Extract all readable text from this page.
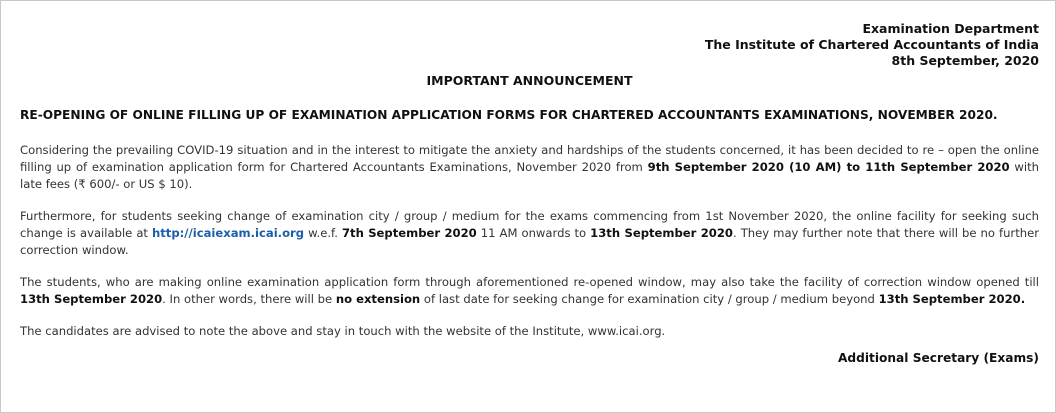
Examination Department
The Institute of Chartered Accountants of India
8th September, 2020
IMPORTANT ANNOUNCEMENT
RE-OPENING OF ONLINE FILLING UP OF EXAMINATION APPLICATION FORMS FOR CHARTERED ACCOUNTANTS EXAMINATIONS, NOVEMBER 2020.

Considering the prevailing COVID-19 situation and in the interest to mitigate the anxiety and hardships of the students concerned, it has been decided to re – open the online filling up of examination application form for Chartered Accountants Examinations, November 2020 from 9th September 2020 (10 AM) to 11th September 2020 with late fees (₹ 600/- or US $ 10).

Furthermore, for students seeking change of examination city / group / medium for the exams commencing from 1st November 2020, the online facility for seeking such change is available at http://icaiexam.icai.org w.e.f. 7th September 2020 11 AM onwards to 13th September 2020. They may further note that there will be no further correction window.

The students, who are making online examination application form through aforementioned re-opened window, may also take the facility of correction window opened till 13th September 2020. In other words, there will be no extension of last date for seeking change for examination city / group / medium beyond 13th September 2020.

The candidates are advised to note the above and stay in touch with the website of the Institute, www.icai.org.

Additional Secretary (Exams)
